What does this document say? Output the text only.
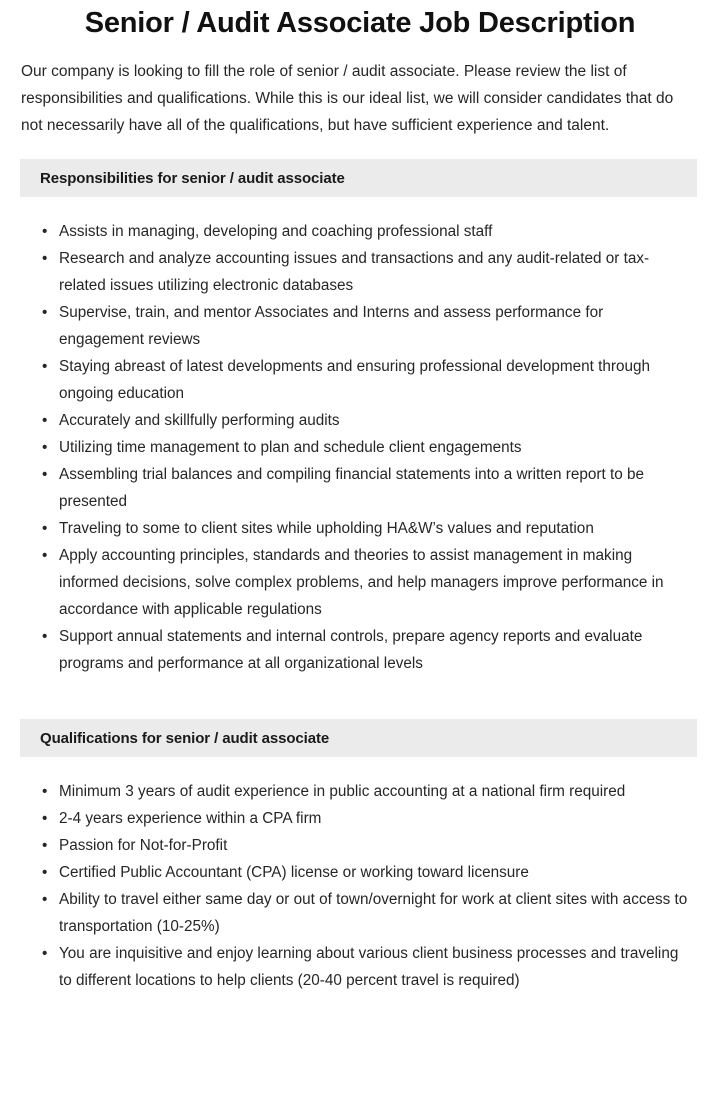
Senior / Audit Associate Job Description

Our company is looking to fill the role of senior / audit associate. Please review the list of responsibilities and qualifications. While this is our ideal list, we will consider candidates that do not necessarily have all of the qualifications, but have sufficient experience and talent.

Responsibilities for senior / audit associate
• Assists in managing, developing and coaching professional staff
• Research and analyze accounting issues and transactions and any audit-related or tax-related issues utilizing electronic databases
• Supervise, train, and mentor Associates and Interns and assess performance for engagement reviews
• Staying abreast of latest developments and ensuring professional development through ongoing education
• Accurately and skillfully performing audits
• Utilizing time management to plan and schedule client engagements
• Assembling trial balances and compiling financial statements into a written report to be presented
• Traveling to some to client sites while upholding HA&W’s values and reputation
• Apply accounting principles, standards and theories to assist management in making informed decisions, solve complex problems, and help managers improve performance in accordance with applicable regulations
• Support annual statements and internal controls, prepare agency reports and evaluate programs and performance at all organizational levels
Qualifications for senior / audit associate
• Minimum 3 years of audit experience in public accounting at a national firm required
• 2-4 years experience within a CPA firm
• Passion for Not-for-Profit
• Certified Public Accountant (CPA) license or working toward licensure
• Ability to travel either same day or out of town/overnight for work at client sites with access to transportation (10-25%)
• You are inquisitive and enjoy learning about various client business processes and traveling to different locations to help clients (20-40 percent travel is required)
